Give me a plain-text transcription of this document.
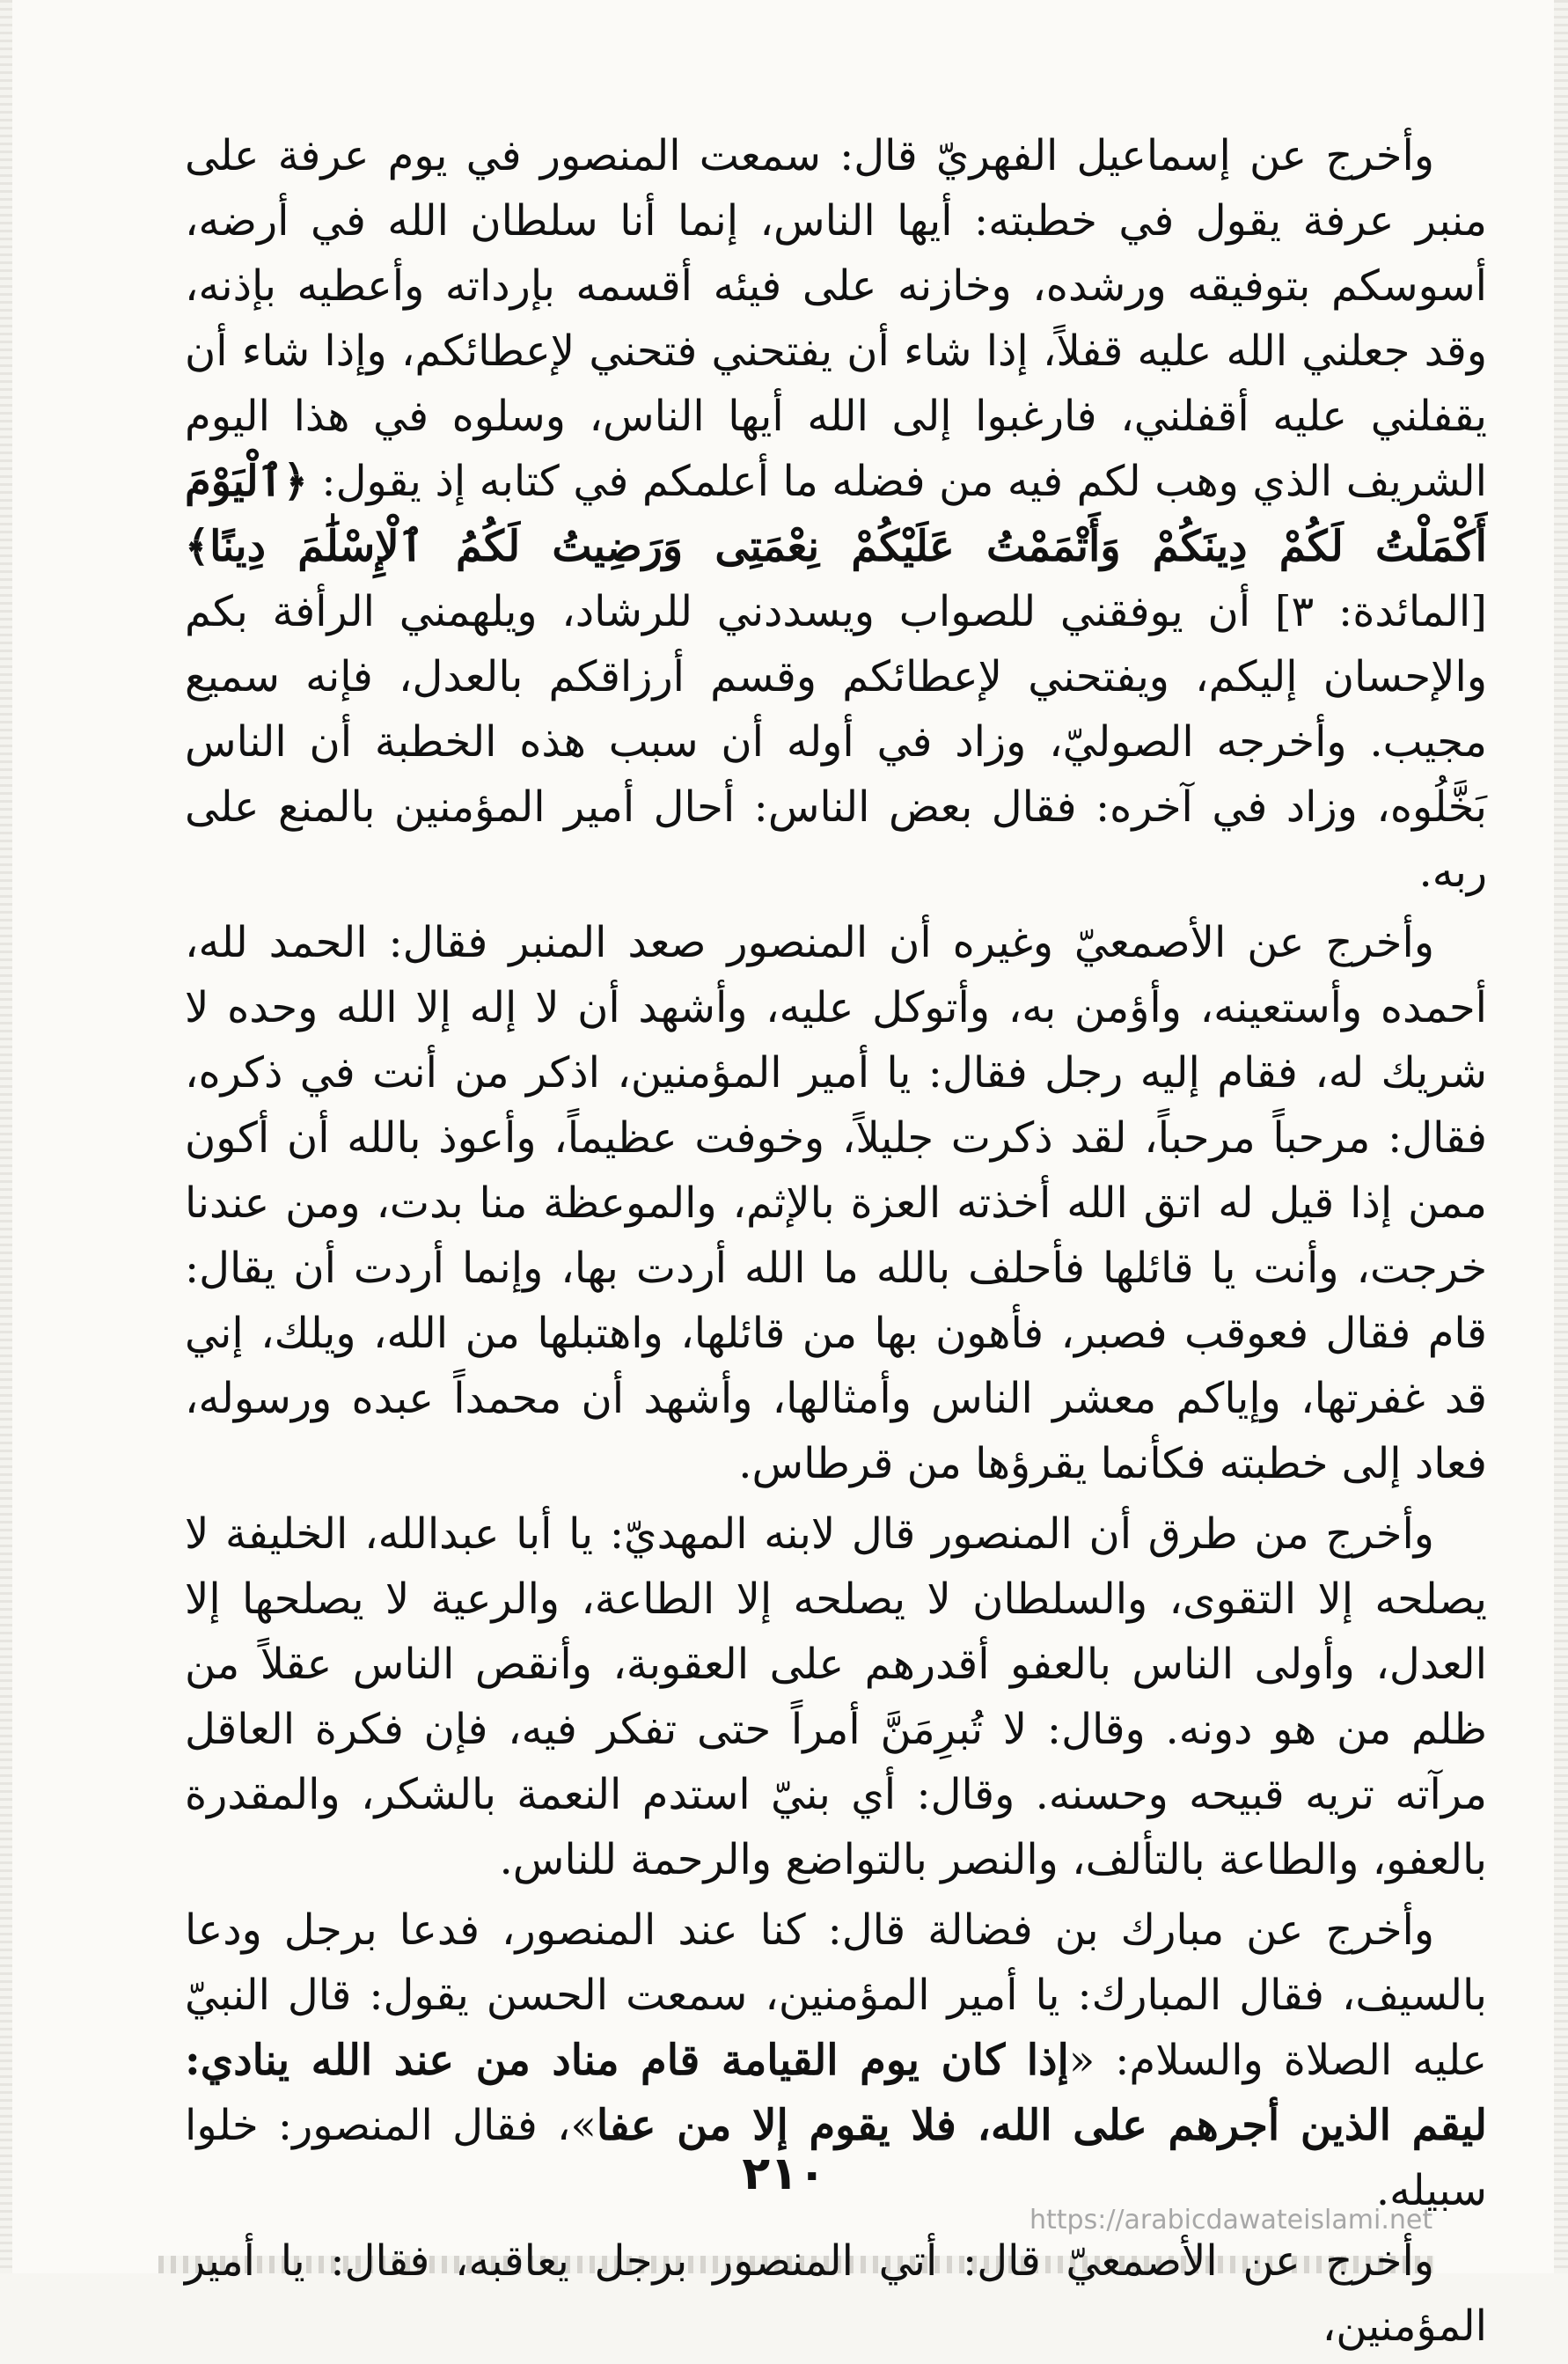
وأخرج عن إسماعيل الفهريّ قال: سمعت المنصور في يوم عرفة على منبر عرفة يقول في خطبته: أيها الناس، إنما أنا سلطان الله في أرضه، أسوسكم بتوفيقه ورشده، وخازنه على فيئه أقسمه بإرداته وأعطيه بإذنه، وقد جعلني الله عليه قفلاً، إذا شاء أن يفتحني فتحني لإعطائكم، وإذا شاء أن يقفلني عليه أقفلني، فارغبوا إلى الله أيها الناس، وسلوه في هذا اليوم الشريف الذي وهب لكم فيه من فضله ما أعلمكم في كتابه إذ يقول: ﴿ٱلْيَوْمَ أَكْمَلْتُ لَكُمْ دِينَكُمْ وَأَتْمَمْتُ عَلَيْكُمْ نِعْمَتِى وَرَضِيتُ لَكُمُ ٱلْإِسْلَٰمَ دِينًا﴾ [المائدة: ٣] أن يوفقني للصواب ويسددني للرشاد، ويلهمني الرأفة بكم والإحسان إليكم، ويفتحني لإعطائكم وقسم أرزاقكم بالعدل، فإنه سميع مجيب. وأخرجه الصوليّ، وزاد في أوله أن سبب هذه الخطبة أن الناس بَخَّلُوه، وزاد في آخره: فقال بعض الناس: أحال أمير المؤمنين بالمنع على ربه.

وأخرج عن الأصمعيّ وغيره أن المنصور صعد المنبر فقال: الحمد لله، أحمده وأستعينه، وأؤمن به، وأتوكل عليه، وأشهد أن لا إله إلا الله وحده لا شريك له، فقام إليه رجل فقال: يا أمير المؤمنين، اذكر من أنت في ذكره، فقال: مرحباً مرحباً، لقد ذكرت جليلاً، وخوفت عظيماً، وأعوذ بالله أن أكون ممن إذا قيل له اتق الله أخذته العزة بالإثم، والموعظة منا بدت، ومن عندنا خرجت، وأنت يا قائلها فأحلف بالله ما الله أردت بها، وإنما أردت أن يقال: قام فقال فعوقب فصبر، فأهون بها من قائلها، واهتبلها من الله، ويلك، إني قد غفرتها، وإياكم معشر الناس وأمثالها، وأشهد أن محمداً عبده ورسوله، فعاد إلى خطبته فكأنما يقرؤها من قرطاس.

وأخرج من طرق أن المنصور قال لابنه المهديّ: يا أبا عبدالله، الخليفة لا يصلحه إلا التقوى، والسلطان لا يصلحه إلا الطاعة، والرعية لا يصلحها إلا العدل، وأولى الناس بالعفو أقدرهم على العقوبة، وأنقص الناس عقلاً من ظلم من هو دونه. وقال: لا تُبرِمَنَّ أمراً حتى تفكر فيه، فإن فكرة العاقل مرآته تريه قبيحه وحسنه. وقال: أي بنيّ استدم النعمة بالشكر، والمقدرة بالعفو، والطاعة بالتألف، والنصر بالتواضع والرحمة للناس.

وأخرج عن مبارك بن فضالة قال: كنا عند المنصور، فدعا برجل ودعا بالسيف، فقال المبارك: يا أمير المؤمنين، سمعت الحسن يقول: قال النبيّ عليه الصلاة والسلام: «إذا كان يوم القيامة قام مناد من عند الله ينادي: ليقم الذين أجرهم على الله، فلا يقوم إلا من عفا»، فقال المنصور: خلوا سبيله.

وأخرج عن الأصمعيّ قال: أتي المنصور برجل يعاقبه، فقال: يا أمير المؤمنين،

٢١٠
https://arabicdawateislami.net
